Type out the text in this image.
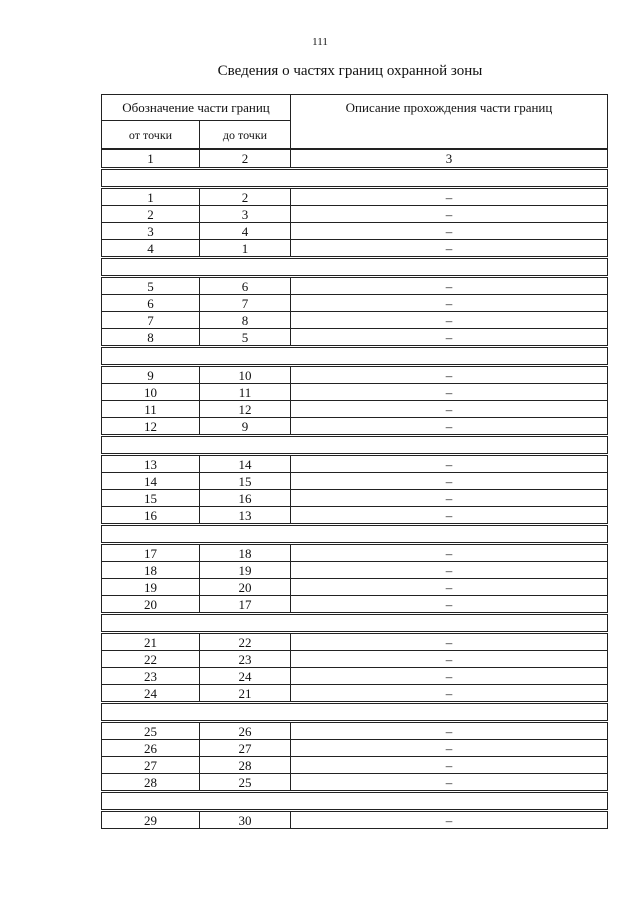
111
Сведения о частях границ охранной зоны
Обозначение части границ		Описание прохождения части границ
от точки	до точки	
1	2	3

1	2	–
2	3	–
3	4	–
4	1	–

5	6	–
6	7	–
7	8	–
8	5	–

9	10	–
10	11	–
11	12	–
12	9	–

13	14	–
14	15	–
15	16	–
16	13	–

17	18	–
18	19	–
19	20	–
20	17	–

21	22	–
22	23	–
23	24	–
24	21	–

25	26	–
26	27	–
27	28	–
28	25	–

29	30	–
